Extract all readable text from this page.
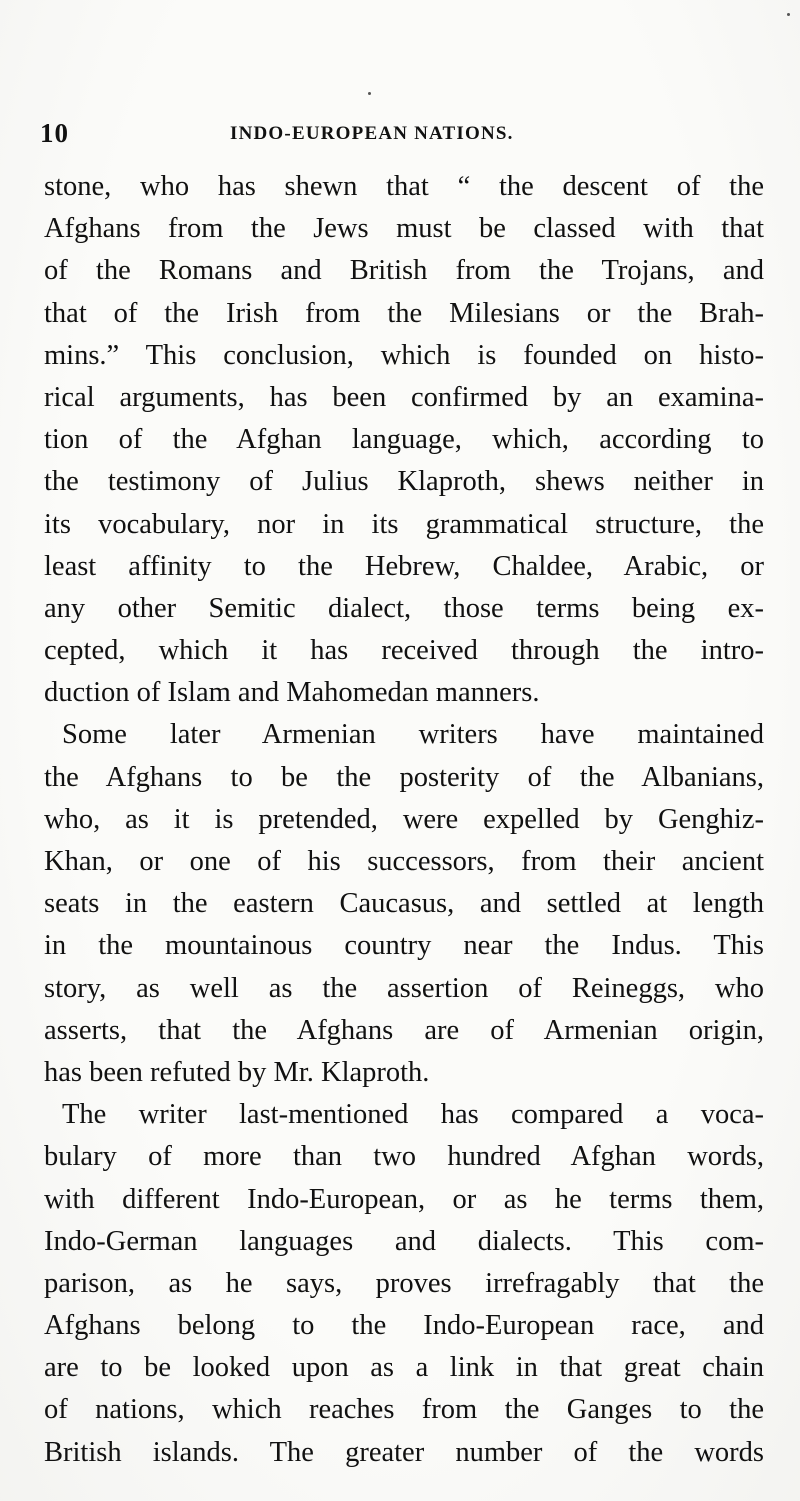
10	INDO-EUROPEAN NATIONS.
stone, who has shewn that “ the descent of the
Afghans from the Jews must be classed with that
of the Romans and British from the Trojans, and
that of the Irish from the Milesians or the Brah-
mins.” This conclusion, which is founded on histo-
rical arguments, has been confirmed by an examina-
tion of the Afghan language, which, according to
the testimony of Julius Klaproth, shews neither in
its vocabulary, nor in its grammatical structure, the
least affinity to the Hebrew, Chaldee, Arabic, or
any other Semitic dialect, those terms being ex-
cepted, which it has received through the intro-
duction of Islam and Mahomedan manners.
Some later Armenian writers have maintained
the Afghans to be the posterity of the Albanians,
who, as it is pretended, were expelled by Genghiz-
Khan, or one of his successors, from their ancient
seats in the eastern Caucasus, and settled at length
in the mountainous country near the Indus. This
story, as well as the assertion of Reineggs, who
asserts, that the Afghans are of Armenian origin,
has been refuted by Mr. Klaproth.
The writer last-mentioned has compared a voca-
bulary of more than two hundred Afghan words,
with different Indo-European, or as he terms them,
Indo-German languages and dialects. This com-
parison, as he says, proves irrefragably that the
Afghans belong to the Indo-European race, and
are to be looked upon as a link in that great chain
of nations, which reaches from the Ganges to the
British islands. The greater number of the words
